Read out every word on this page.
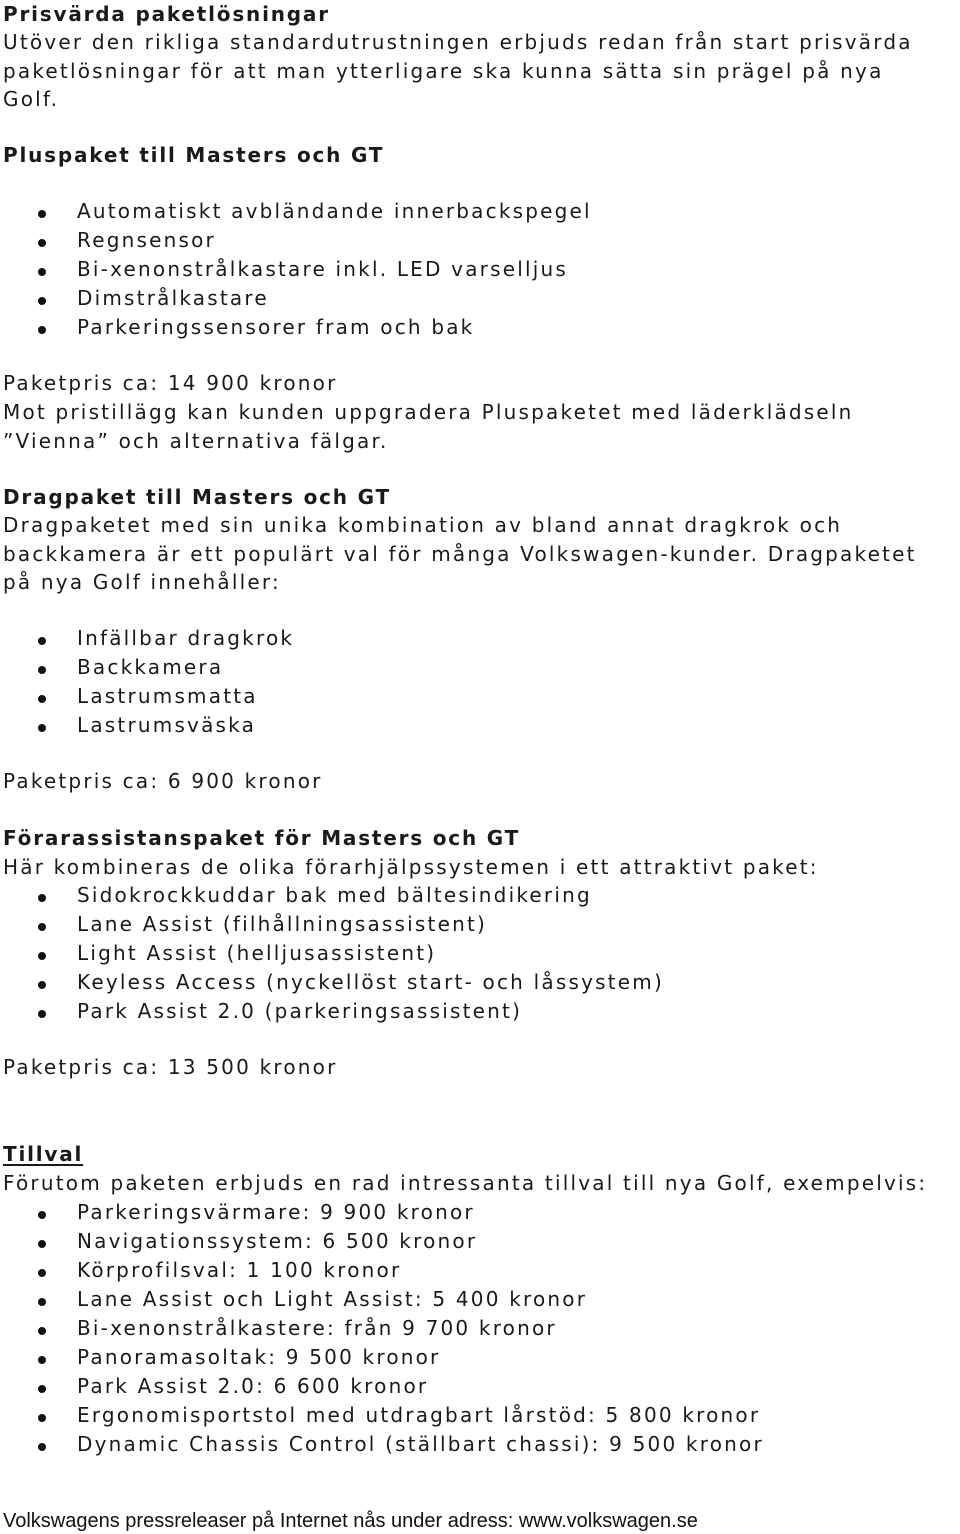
Prisvärda paketlösningar
Utöver den rikliga standardutrustningen erbjuds redan från start prisvärda
paketlösningar för att man ytterligare ska kunna sätta sin prägel på nya
Golf.
Pluspaket till Masters och GT
Automatiskt avbländande innerbackspegel
Regnsensor
Bi-xenonstrålkastare inkl. LED varselljus
Dimstrålkastare
Parkeringssensorer fram och bak
Paketpris ca: 14 900 kronor
Mot pristillägg kan kunden uppgradera Pluspaketet med läderklädseln
”Vienna” och alternativa fälgar.
Dragpaket till Masters och GT
Dragpaketet med sin unika kombination av bland annat dragkrok och
backkamera är ett populärt val för många Volkswagen-kunder. Dragpaketet
på nya Golf innehåller:
Infällbar dragkrok
Backkamera
Lastrumsmatta
Lastrumsväska
Paketpris ca: 6 900 kronor
Förarassistanspaket för Masters och GT
Här kombineras de olika förarhjälpssystemen i ett attraktivt paket:
Sidokrockkuddar bak med bältesindikering
Lane Assist (filhållningsassistent)
Light Assist (helljusassistent)
Keyless Access (nyckellöst start- och låssystem)
Park Assist 2.0 (parkeringsassistent)
Paketpris ca: 13 500 kronor
Tillval
Förutom paketen erbjuds en rad intressanta tillval till nya Golf, exempelvis:
Parkeringsvärmare: 9 900 kronor
Navigationssystem: 6 500 kronor
Körprofilsval: 1 100 kronor
Lane Assist och Light Assist: 5 400 kronor
Bi-xenonstrålkastere: från 9 700 kronor
Panoramasoltak: 9 500 kronor
Park Assist 2.0: 6 600 kronor
Ergonomisportstol med utdragbart lårstöd: 5 800 kronor
Dynamic Chassis Control (ställbart chassi): 9 500 kronor
Volkswagens pressreleaser på Internet nås under adress: www.volkswagen.se
